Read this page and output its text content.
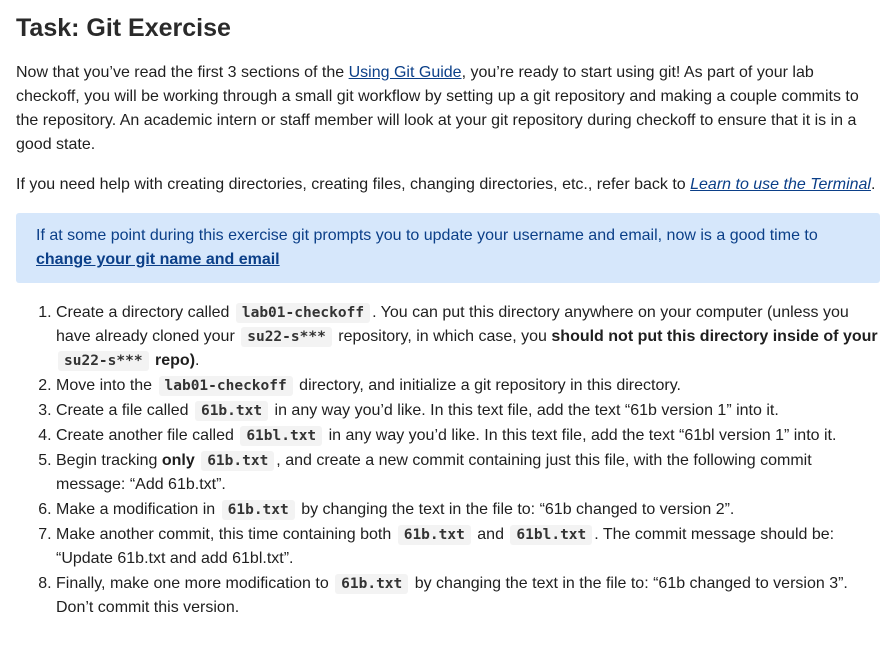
Task: Git Exercise

Now that you’ve read the first 3 sections of the Using Git Guide, you’re ready to start using git! As part of your lab checkoff, you will be working through a small git workflow by setting up a git repository and making a couple commits to the repository. An academic intern or staff member will look at your git repository during checkoff to ensure that it is in a good state.

If you need help with creating directories, creating files, changing directories, etc., refer back to Learn to use the Terminal.

If at some point during this exercise git prompts you to update your username and email, now is a good time to change your git name and email
1. Create a directory called lab01-checkoff . You can put this directory anywhere on your computer (unless you have already cloned your su22-s*** repository, in which case, you should not put this directory inside of your su22-s*** repo).
2. Move into the lab01-checkoff directory, and initialize a git repository in this directory.
3. Create a file called 61b.txt in any way you’d like. In this text file, add the text “61b version 1” into it.
4. Create another file called 61bl.txt in any way you’d like. In this text file, add the text “61bl version 1” into it.
5. Begin tracking only 61b.txt , and create a new commit containing just this file, with the following commit message: “Add 61b.txt”.
6. Make a modification in 61b.txt by changing the text in the file to: “61b changed to version 2”.
7. Make another commit, this time containing both 61b.txt and 61bl.txt . The commit message should be: “Update 61b.txt and add 61bl.txt”.
8. Finally, make one more modification to 61b.txt by changing the text in the file to: “61b changed to version 3”. Don’t commit this version.
